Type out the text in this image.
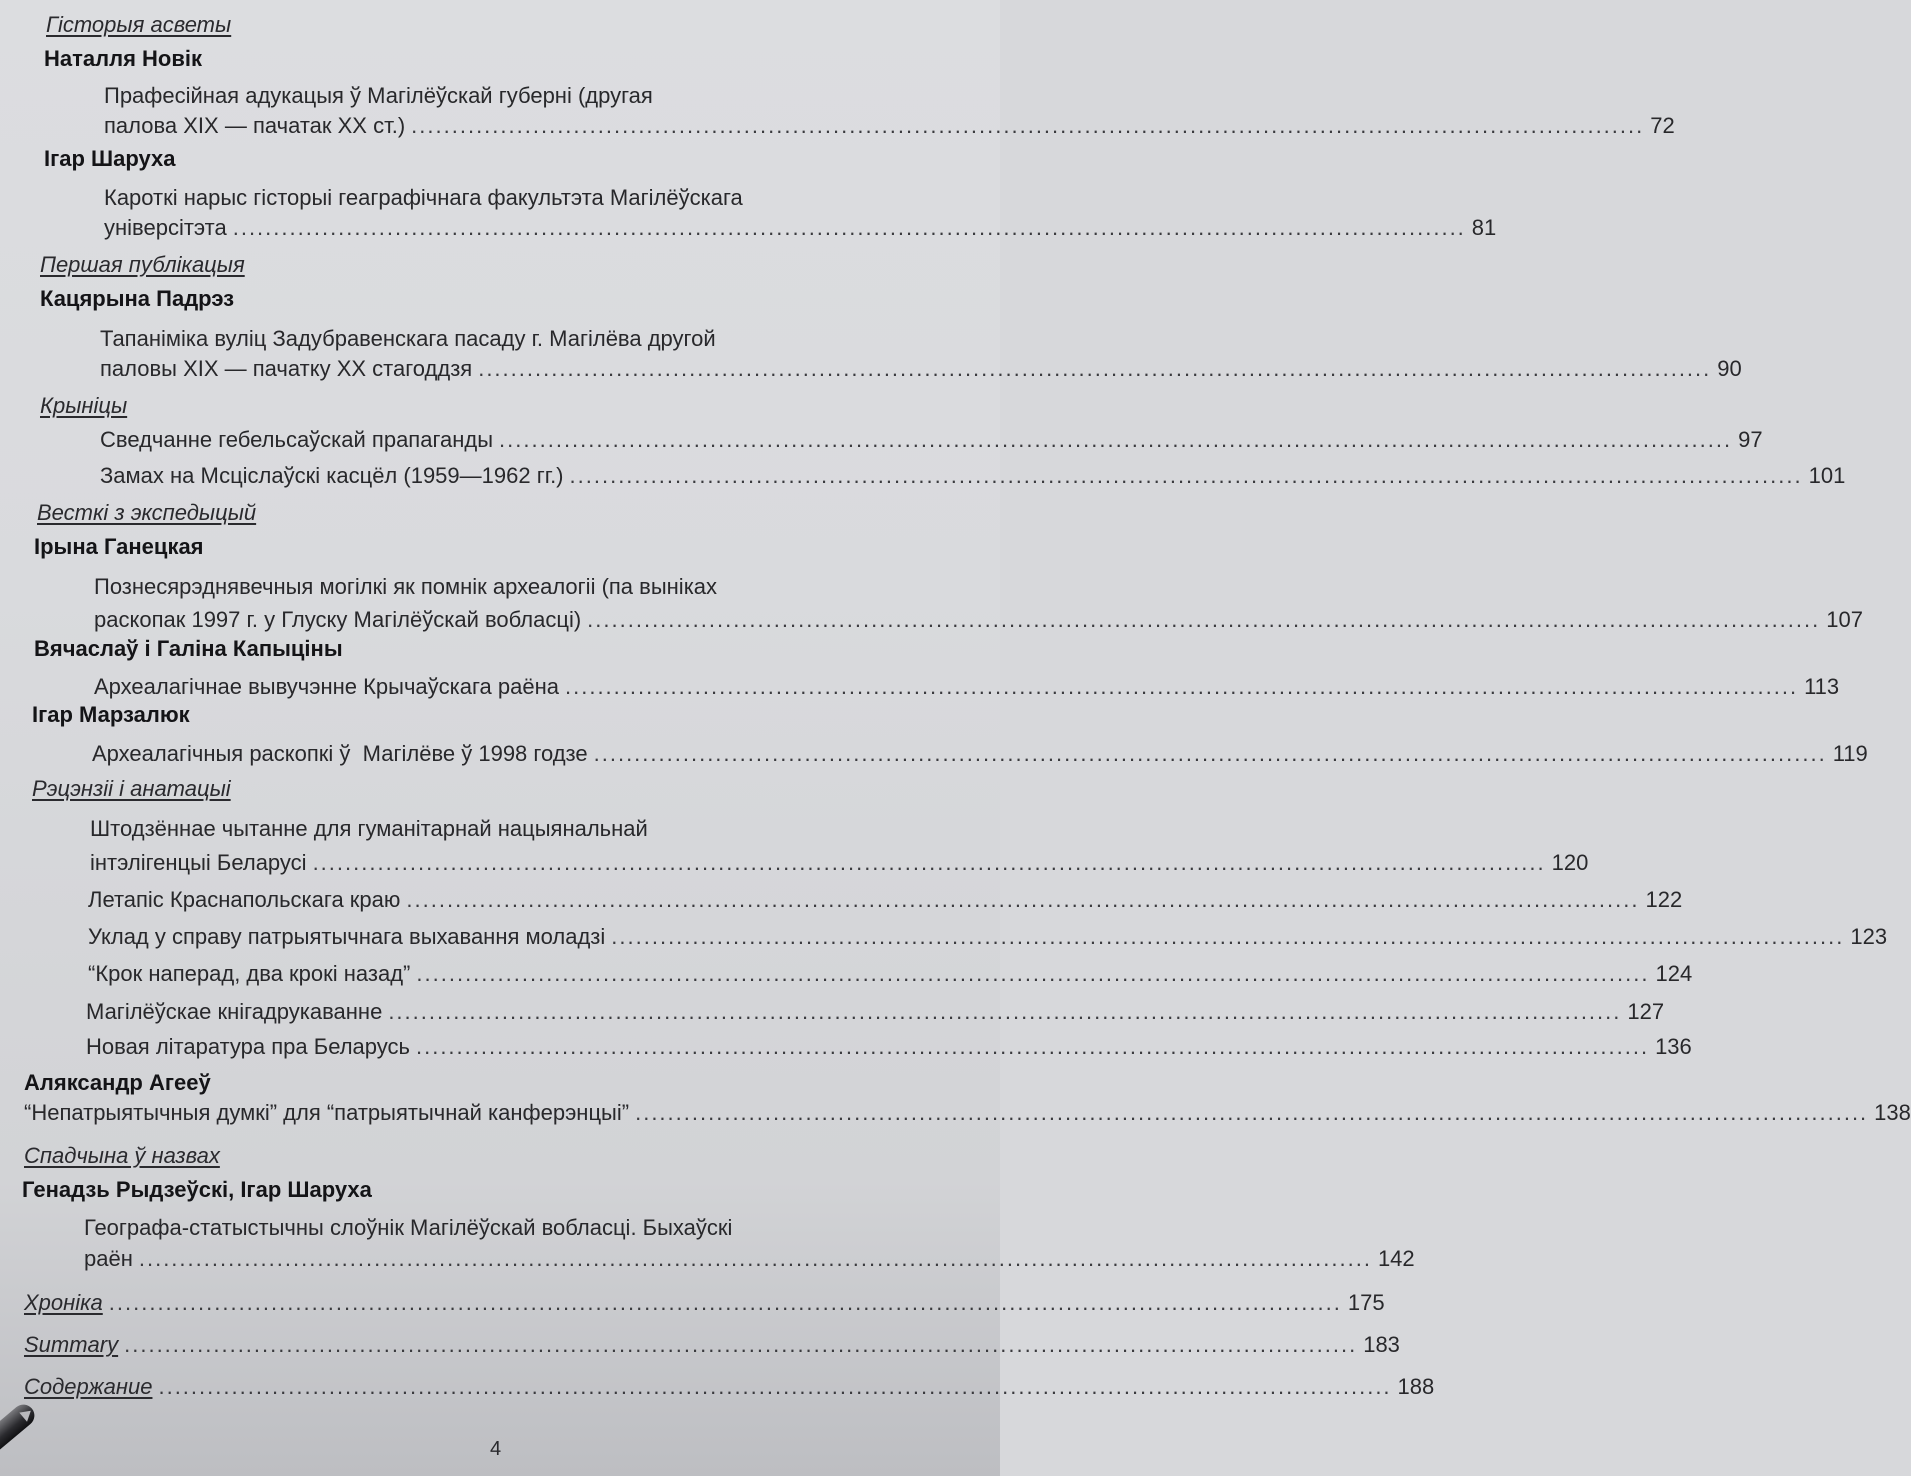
Гісторыя асветы
Наталля Новік
Прафесійная адукацыя ў Магілёўскай губерні (другая
палова XIX — пачатак XX ст.) ........................................................................................................................................................ 72
Ігар Шаруха
Кароткі нарыс гісторыі геаграфічнага факультэта Магілёўскага
універсітэта ........................................................................................................................................................ 81
Першая публікацыя
Кацярына Падрэз
Тапаніміка вуліц Задубравенскага пасаду г. Магілёва другой
паловы XIX — пачатку XX стагоддзя ........................................................................................................................................................ 90
Крыніцы
Сведчанне гебельсаўскай прапаганды ........................................................................................................................................................ 97
Замах на Мсціслаўскі касцёл (1959—1962 гг.) ........................................................................................................................................................ 101
Весткі з экспедыцый
Ірына Ганецкая
Познесярэднявечныя могілкі як помнік археалогіі (па выніках
раскопак 1997 г. у Глуску Магілёўскай вобласці) ........................................................................................................................................................ 107
Вячаслаў і Галіна Капыціны
Археалагічнае вывучэнне Крычаўскага раёна ........................................................................................................................................................ 113
Ігар Марзалюк
Археалагічныя раскопкі ў  Магілёве ў 1998 годзе ........................................................................................................................................................ 119
Рэцэнзіі і анатацыі
Штодзённае чытанне для гуманітарнай нацыянальнай
інтэлігенцыі Беларусі ........................................................................................................................................................ 120
Летапіс Краснапольскага краю ........................................................................................................................................................ 122
Уклад у справу патрыятычнага выхавання моладзі ........................................................................................................................................................ 123
“Крок наперад, два крокі назад” ........................................................................................................................................................ 124
Магілёўскае кнігадрукаванне ........................................................................................................................................................ 127
Новая літаратура пра Беларусь ........................................................................................................................................................ 136
Аляксандр Агееў
“Непатрыятычныя думкі” для “патрыятычнай канферэнцыі” ........................................................................................................................................................ 138
Спадчына ў назвах
Генадзь Рыдзеўскі, Ігар Шаруха
Географа-статыстычны слоўнік Магілёўскай вобласці. Быхаўскі
раён ........................................................................................................................................................ 142
Хроніка ........................................................................................................................................................ 175
Summary ........................................................................................................................................................ 183
Содержание ........................................................................................................................................................ 188
4
